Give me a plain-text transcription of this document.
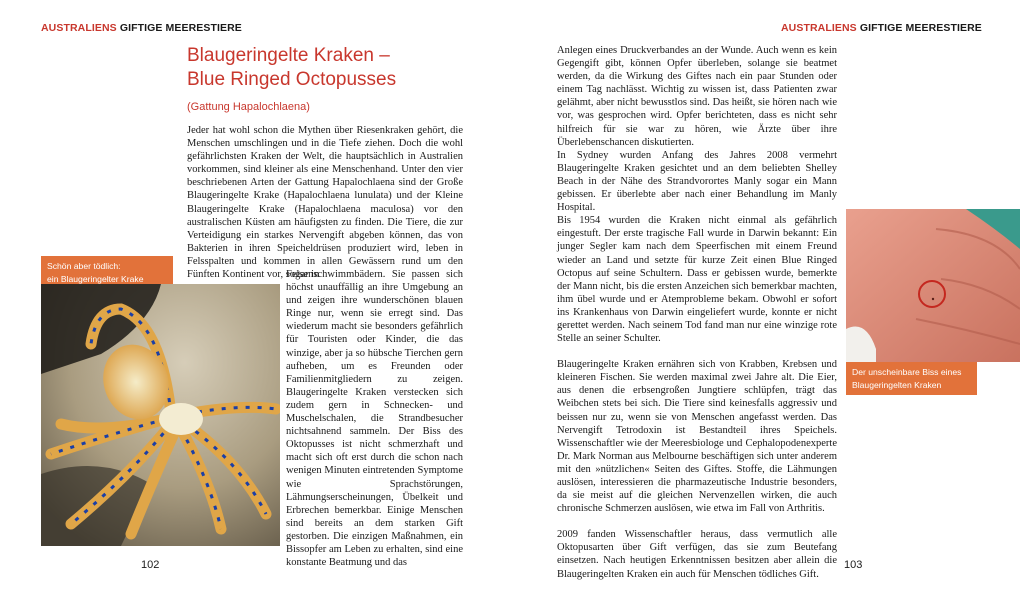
AUSTRALIENS GIFTIGE MEERESTIERE
Blaugeringelte Kraken –
Blue Ringed Octopusses
(Gattung Hapalochlaena)
Jeder hat wohl schon die Mythen über Riesenkraken gehört, die Menschen umschlingen und in die Tiefe ziehen. Doch die wohl gefährlichsten Kraken der Welt, die hauptsächlich in Australien vorkommen, sind kleiner als eine Menschenhand. Unter den vier beschriebenen Arten der Gattung Hapalochlaena sind der Große Blaugeringelte Krake (Hapalochlaena lunulata) und der Kleine Blaugeringelte Krake (Hapalochlaena maculosa) vor den australischen Küsten am häufigsten zu finden. Die Tiere, die zur Verteidigung ein starkes Nervengift abgeben können, das von Bakterien in ihren Speicheldrüsen produziert wird, leben in Felsspalten und kommen in allen Gewässern rund um den Fünften Kontinent vor, sogar in
Schön aber tödlich:
ein Blaugeringelter Krake	Felsenschwimmbädern. Sie passen sich höchst unauffällig an ihre Umgebung an und zeigen ihre wunderschönen blauen Ringe nur, wenn sie erregt sind. Das wiederum macht sie besonders gefährlich für Touristen oder Kinder, die das winzige, aber ja so hübsche Tierchen gern aufheben, um es Freunden oder Familienmitgliedern zu zeigen. Blaugeringelte Kraken verstecken sich zudem gern in Schnecken- und Muschelschalen, die Strandbesucher nichtsahnend sammeln. Der Biss des Oktopusses ist nicht schmerzhaft und macht sich oft erst durch die schon nach wenigen Minuten eintretenden Symptome wie Sprachstörungen, Lähmungserscheinungen, Übelkeit und Erbrechen bemerkbar. Einige Menschen sind bereits an dem starken Gift gestorben. Die einzigen Maßnahmen, ein Bissopfer am Leben zu erhalten, sind eine konstante Beatmung und das
102
AUSTRALIENS GIFTIGE MEERESTIERE

Anlegen eines Druckverbandes an der Wunde. Auch wenn es kein Gegengift gibt, können Opfer überleben, solange sie beatmet werden, da die Wirkung des Giftes nach ein paar Stunden oder einem Tag nachlässt. Wichtig zu wissen ist, dass Patienten zwar gelähmt, aber nicht bewusstlos sind. Das heißt, sie hören nach wie vor, was gesprochen wird. Opfer berichteten, dass es nicht sehr hilfreich für sie war zu hören, wie Ärzte über ihre Überlebenschancen diskutierten.

In Sydney wurden Anfang des Jahres 2008 vermehrt Blaugeringelte Kraken gesichtet und an dem beliebten Shelley Beach in der Nähe des Strandvorortes Manly sogar ein Mann gebissen. Er überlebte aber nach einer Behandlung im Manly Hospital.

Bis 1954 wurden die Kraken nicht einmal als gefährlich eingestuft. Der erste tragische Fall wurde in Darwin bekannt: Ein junger Segler kam nach dem Speerfischen mit einem Freund wieder an Land und setzte für kurze Zeit einen Blue Ringed Octopus auf seine Schultern. Dass er gebissen wurde, bemerkte der Mann nicht, bis die ersten Anzeichen sich bemerkbar machten, ihm übel wurde und er Atemprobleme bekam. Obwohl er sofort ins Krankenhaus von Darwin eingeliefert wurde, konnte er nicht gerettet werden. Nach seinem Tod fand man nur eine winzige rote Stelle an seiner Schulter.

Blaugeringelte Kraken ernähren sich von Krabben, Krebsen und kleineren Fischen. Sie werden maximal zwei Jahre alt. Die Eier, aus denen die erbsengroßen Jungtiere schlüpfen, trägt das Weibchen stets bei sich. Die Tiere sind keinesfalls aggressiv und beissen nur zu, wenn sie von Menschen angefasst werden. Das Nervengift Tetrodoxin ist Bestandteil ihres Speichels. Wissenschaftler wie der Meeresbiologe und Cephalopodenexperte Dr. Mark Norman aus Melbourne beschäftigen sich unter anderem mit den »nützlichen« Seiten des Giftes. Stoffe, die Lähmungen auslösen, interessieren die pharmazeutische Industrie besonders, da sie meist auf die gleichen Nervenzellen wirken, die auch chronische Schmerzen auslösen, wie etwa im Fall von Arthritis.

2009 fanden Wissenschaftler heraus, dass vermutlich alle Oktopusarten über Gift verfügen, das sie zum Beutefang einsetzen. Nach heutigen Erkenntnissen besitzen aber allein die Blaugeringelten Kraken ein auch für Menschen tödliches Gift.

Der unscheinbare Biss eines
Blaugeringelten Kraken
103
